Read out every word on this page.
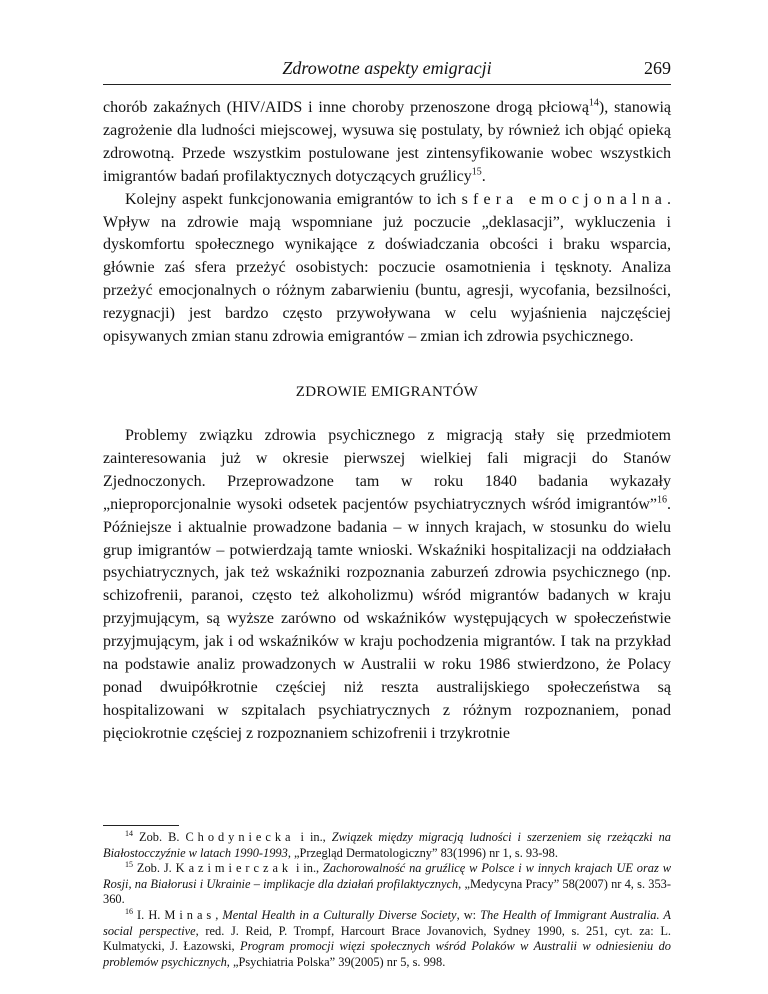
Zdrowotne aspekty emigracji	269

chorób zakaźnych (HIV/AIDS i inne choroby przenoszone drogą płciową$^{14}$), stanowią zagrożenie dla ludności miejscowej, wysuwa się postulaty, by również ich objąć opieką zdrowotną. Przede wszystkim postulowane jest zintensyfikowanie wobec wszystkich imigrantów badań profilaktycznych dotyczących gruźlicy$^{15}$.

Kolejny aspekt funkcjonowania emigrantów to ich sfera emocjonalna. Wpływ na zdrowie mają wspomniane już poczucie „deklasacji”, wykluczenia i dyskomfortu społecznego wynikające z doświadczania obcości i braku wsparcia, głównie zaś sfera przeżyć osobistych: poczucie osamotnienia i tęsknoty. Analiza przeżyć emocjonalnych o różnym zabarwieniu (buntu, agresji, wycofania, bezsilności, rezygnacji) jest bardzo często przywoływana w celu wyjaśnienia najczęściej opisywanych zmian stanu zdrowia emigrantów – zmian ich zdrowia psychicznego.

ZDROWIE EMIGRANTÓW

Problemy związku zdrowia psychicznego z migracją stały się przedmiotem zainteresowania już w okresie pierwszej wielkiej fali migracji do Stanów Zjednoczonych. Przeprowadzone tam w roku 1840 badania wykazały „nieproporcjonalnie wysoki odsetek pacjentów psychiatrycznych wśród imigrantów”$^{16}$. Późniejsze i aktualnie prowadzone badania – w innych krajach, w stosunku do wielu grup imigrantów – potwierdzają tamte wnioski. Wskaźniki hospitalizacji na oddziałach psychiatrycznych, jak też wskaźniki rozpoznania zaburzeń zdrowia psychicznego (np. schizofrenii, paranoi, często też alkoholizmu) wśród migrantów badanych w kraju przyjmującym, są wyższe zarówno od wskaźników występujących w społeczeństwie przyjmującym, jak i od wskaźników w kraju pochodzenia migrantów. I tak na przykład na podstawie analiz prowadzonych w Australii w roku 1986 stwierdzono, że Polacy ponad dwuipółkrotnie częściej niż reszta australijskiego społeczeństwa są hospitalizowani w szpitalach psychiatrycznych z różnym rozpoznaniem, ponad pięciokrotnie częściej z rozpoznaniem schizofrenii i trzykrotnie

$^{14}$ Zob. B. Chodyniecka i in., Związek między migracją ludności i szerzeniem się rzeżączki na Białostocczyźnie w latach 1990-1993, „Przegląd Dermatologiczny” 83(1996) nr 1, s. 93-98.

$^{15}$ Zob. J. Kazimierczak i in., Zachorowalność na gruźlicę w Polsce i w innych krajach UE oraz w Rosji, na Białorusi i Ukrainie – implikacje dla działań profilaktycznych, „Medycyna Pracy” 58(2007) nr 4, s. 353-360.

$^{16}$ I. H. Minas, Mental Health in a Culturally Diverse Society, w: The Health of Immigrant Australia. A social perspective, red. J. Reid, P. Trompf, Harcourt Brace Jovanovich, Sydney 1990, s. 251, cyt. za: L. Kulmatycki, J. Łazowski, Program promocji więzi społecznych wśród Polaków w Australii w odniesieniu do problemów psychicznych, „Psychiatria Polska” 39(2005) nr 5, s. 998.
